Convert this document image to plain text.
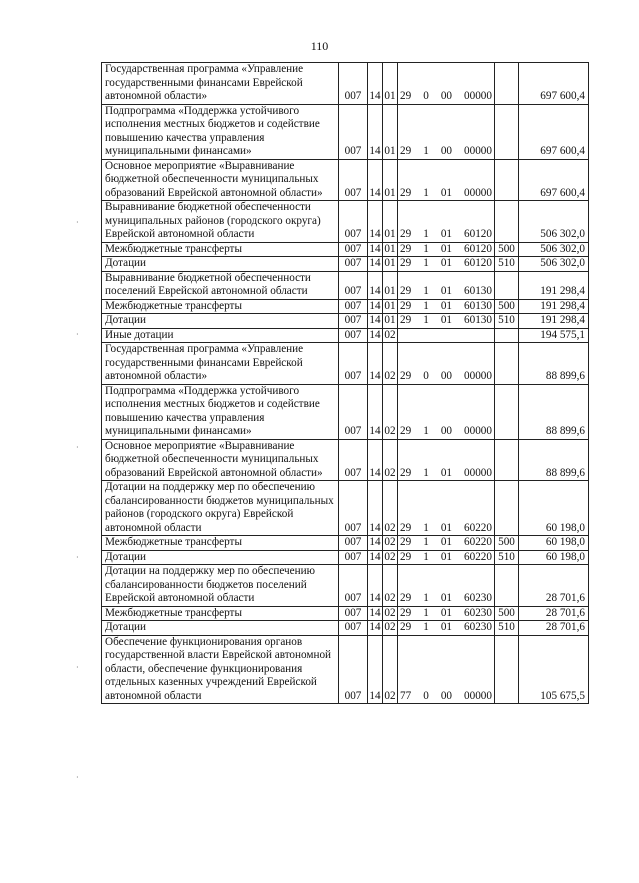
110
Государственная программа «Управление государственными финансами Еврейской автономной области»	007	14	01	29 0 00 00000		697 600,4
Подпрограмма «Поддержка устойчивого исполнения местных бюджетов и содействие повышению качества управления муниципальными финансами»	007	14	01	29 1 00 00000		697 600,4
Основное мероприятие «Выравнивание бюджетной обеспеченности муниципальных образований Еврейской автономной области»	007	14	01	29 1 01 00000		697 600,4
Выравнивание бюджетной обеспеченности муниципальных районов (городского округа) Еврейской автономной области	007	14	01	29 1 01 60120		506 302,0
Межбюджетные трансферты	007	14	01	29 1 01 60120	500	506 302,0
Дотации	007	14	01	29 1 01 60120	510	506 302,0
Выравнивание бюджетной обеспеченности поселений Еврейской автономной области	007	14	01	29 1 01 60130		191 298,4
Межбюджетные трансферты	007	14	01	29 1 01 60130	500	191 298,4
Дотации	007	14	01	29 1 01 60130	510	191 298,4
Иные дотации	007	14	02			194 575,1
Государственная программа «Управление государственными финансами Еврейской автономной области»	007	14	02	29 0 00 00000		88 899,6
Подпрограмма «Поддержка устойчивого исполнения местных бюджетов и содействие повышению качества управления муниципальными финансами»	007	14	02	29 1 00 00000		88 899,6
Основное мероприятие «Выравнивание бюджетной обеспеченности муниципальных образований Еврейской автономной области»	007	14	02	29 1 01 00000		88 899,6
Дотации на поддержку мер по обеспечению сбалансированности бюджетов муниципальных районов (городского округа) Еврейской автономной области	007	14	02	29 1 01 60220		60 198,0
Межбюджетные трансферты	007	14	02	29 1 01 60220	500	60 198,0
Дотации	007	14	02	29 1 01 60220	510	60 198,0
Дотации на поддержку мер по обеспечению сбалансированности бюджетов поселений Еврейской автономной области	007	14	02	29 1 01 60230		28 701,6
Межбюджетные трансферты	007	14	02	29 1 01 60230	500	28 701,6
Дотации	007	14	02	29 1 01 60230	510	28 701,6
Обеспечение функционирования органов государственной власти Еврейской автономной области, обеспечение функционирования отдельных казенных учреждений Еврейской автономной области	007	14	02	77 0 00 00000		105 675,5
·
·
·
·
·
·
